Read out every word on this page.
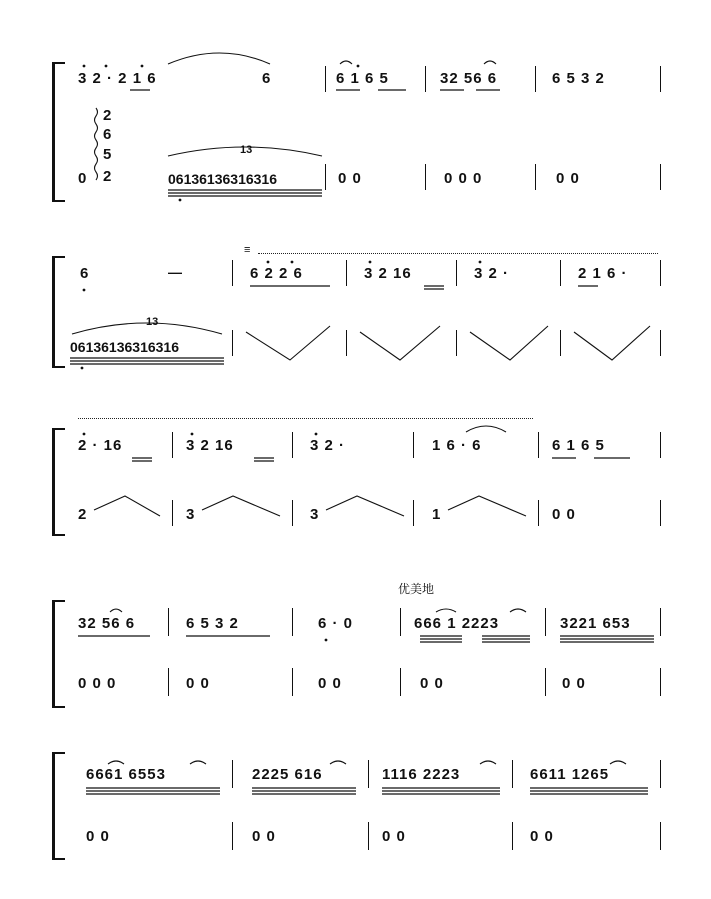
3 2 · 2 1 6	6	6 1 6 5	32 56 6	6 5 3 2
2
6
5
2
0
13
06136136316316	0 0	0 0 0	0 0
≡
6	—	6 2 2 6	3 2 16	3 2 ·	2 1 6 ·
13
06136136316316
2 · 16	3 2 16	3 2 ·	1 6 · 6	6 1 6 5
2	3	3	1	0 0
优美地
32 56 6	6 5 3 2	6 · 0	666 1 2223	3221 653
0 0 0	0 0	0 0	0 0	0 0
6661 6553	2225 616	1116 2223	6611 1265
0 0	0 0	0 0	0 0
